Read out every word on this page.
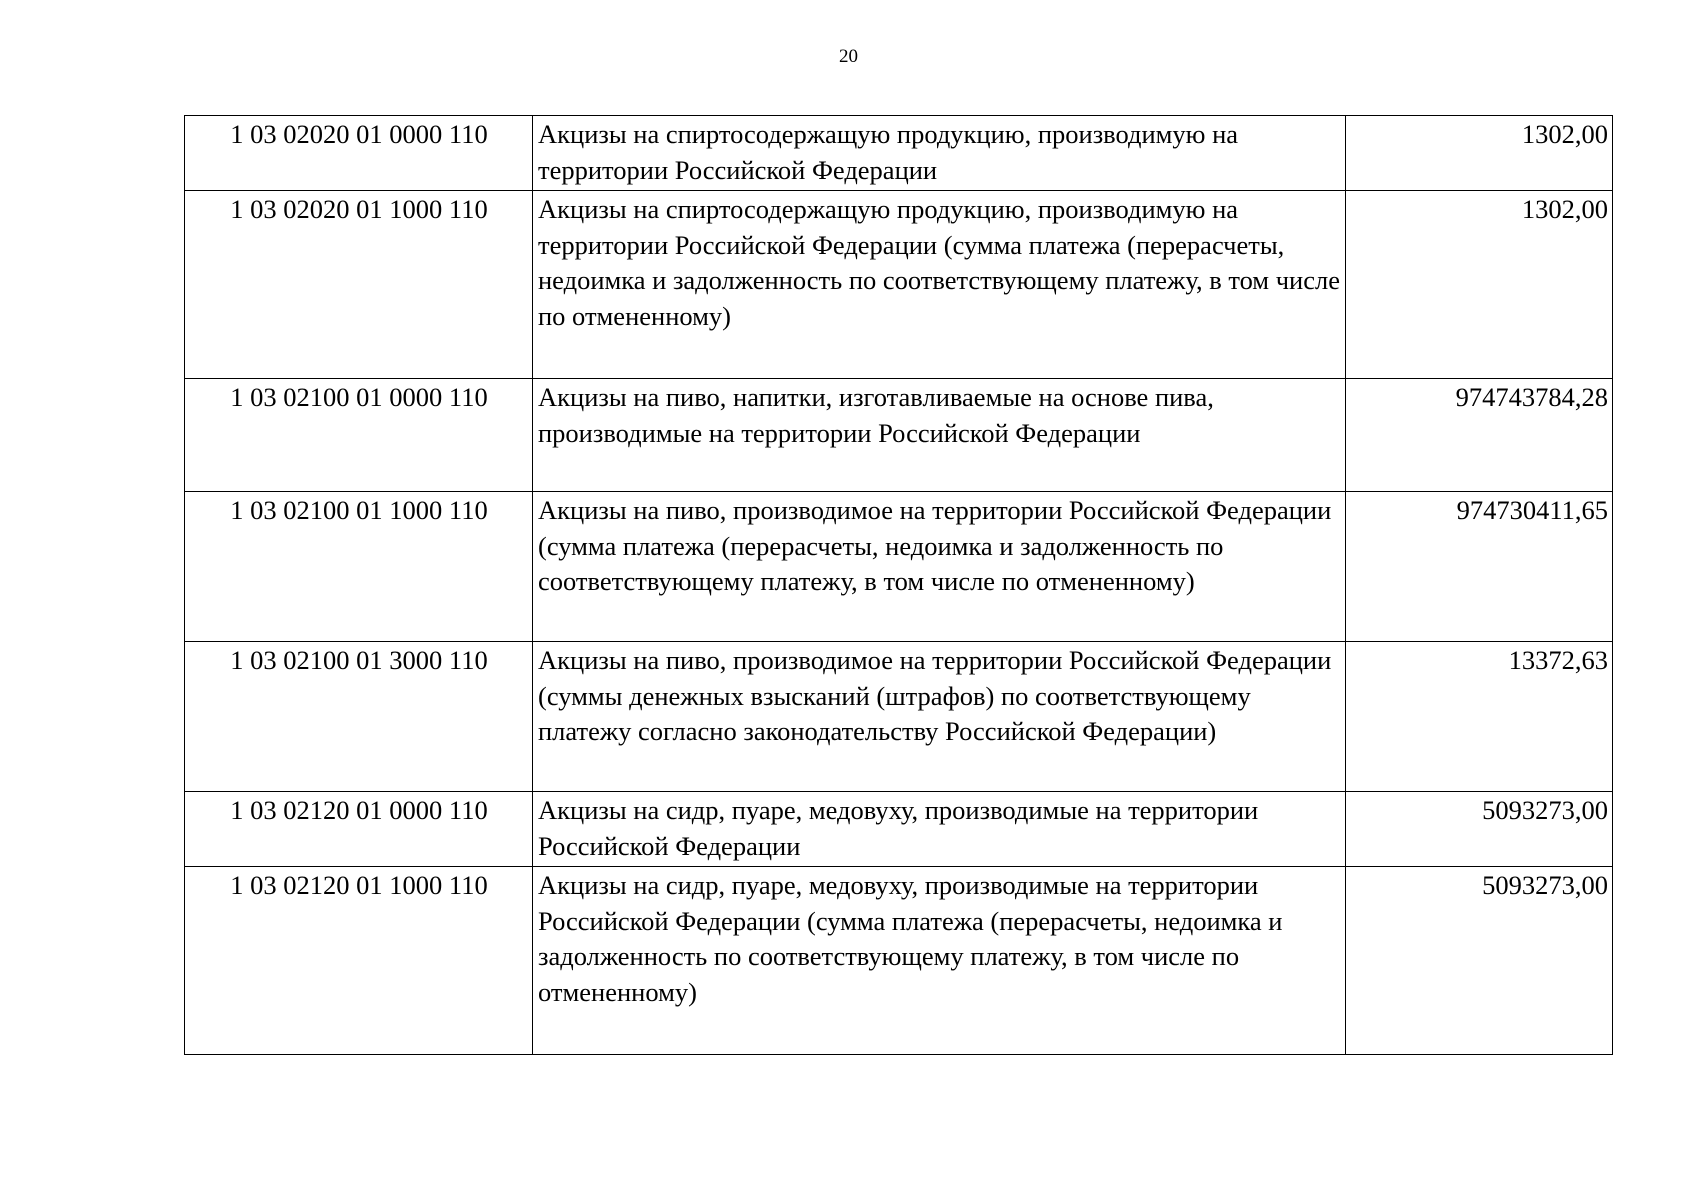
20
1 03 02020 01 0000 110	Акцизы на спиртосодержащую продукцию, производимую на территории Российской Федерации	1302,00
1 03 02020 01 1000 110	Акцизы на спиртосодержащую продукцию, производимую на территории Российской Федерации (сумма платежа (перерасчеты, недоимка и задолженность по соответствующему платежу, в том числе по отмененному)	1302,00
1 03 02100 01 0000 110	Акцизы на пиво, напитки, изготавливаемые на основе пива, производимые на территории Российской Федерации	974743784,28
1 03 02100 01 1000 110	Акцизы на пиво, производимое на территории Российской Федерации (сумма платежа (перерасчеты, недоимка и задолженность по соответствующему платежу, в том числе по отмененному)	974730411,65
1 03 02100 01 3000 110	Акцизы на пиво, производимое на территории Российской Федерации (суммы денежных взысканий (штрафов) по соответствующему платежу согласно законодательству Российской Федерации)	13372,63
1 03 02120 01 0000 110	Акцизы на сидр, пуаре, медовуху, производимые на территории Российской Федерации	5093273,00
1 03 02120 01 1000 110	Акцизы на сидр, пуаре, медовуху, производимые на территории Российской Федерации (сумма платежа (перерасчеты, недоимка и задолженность по соответствующему платежу, в том числе по отмененному)	5093273,00
